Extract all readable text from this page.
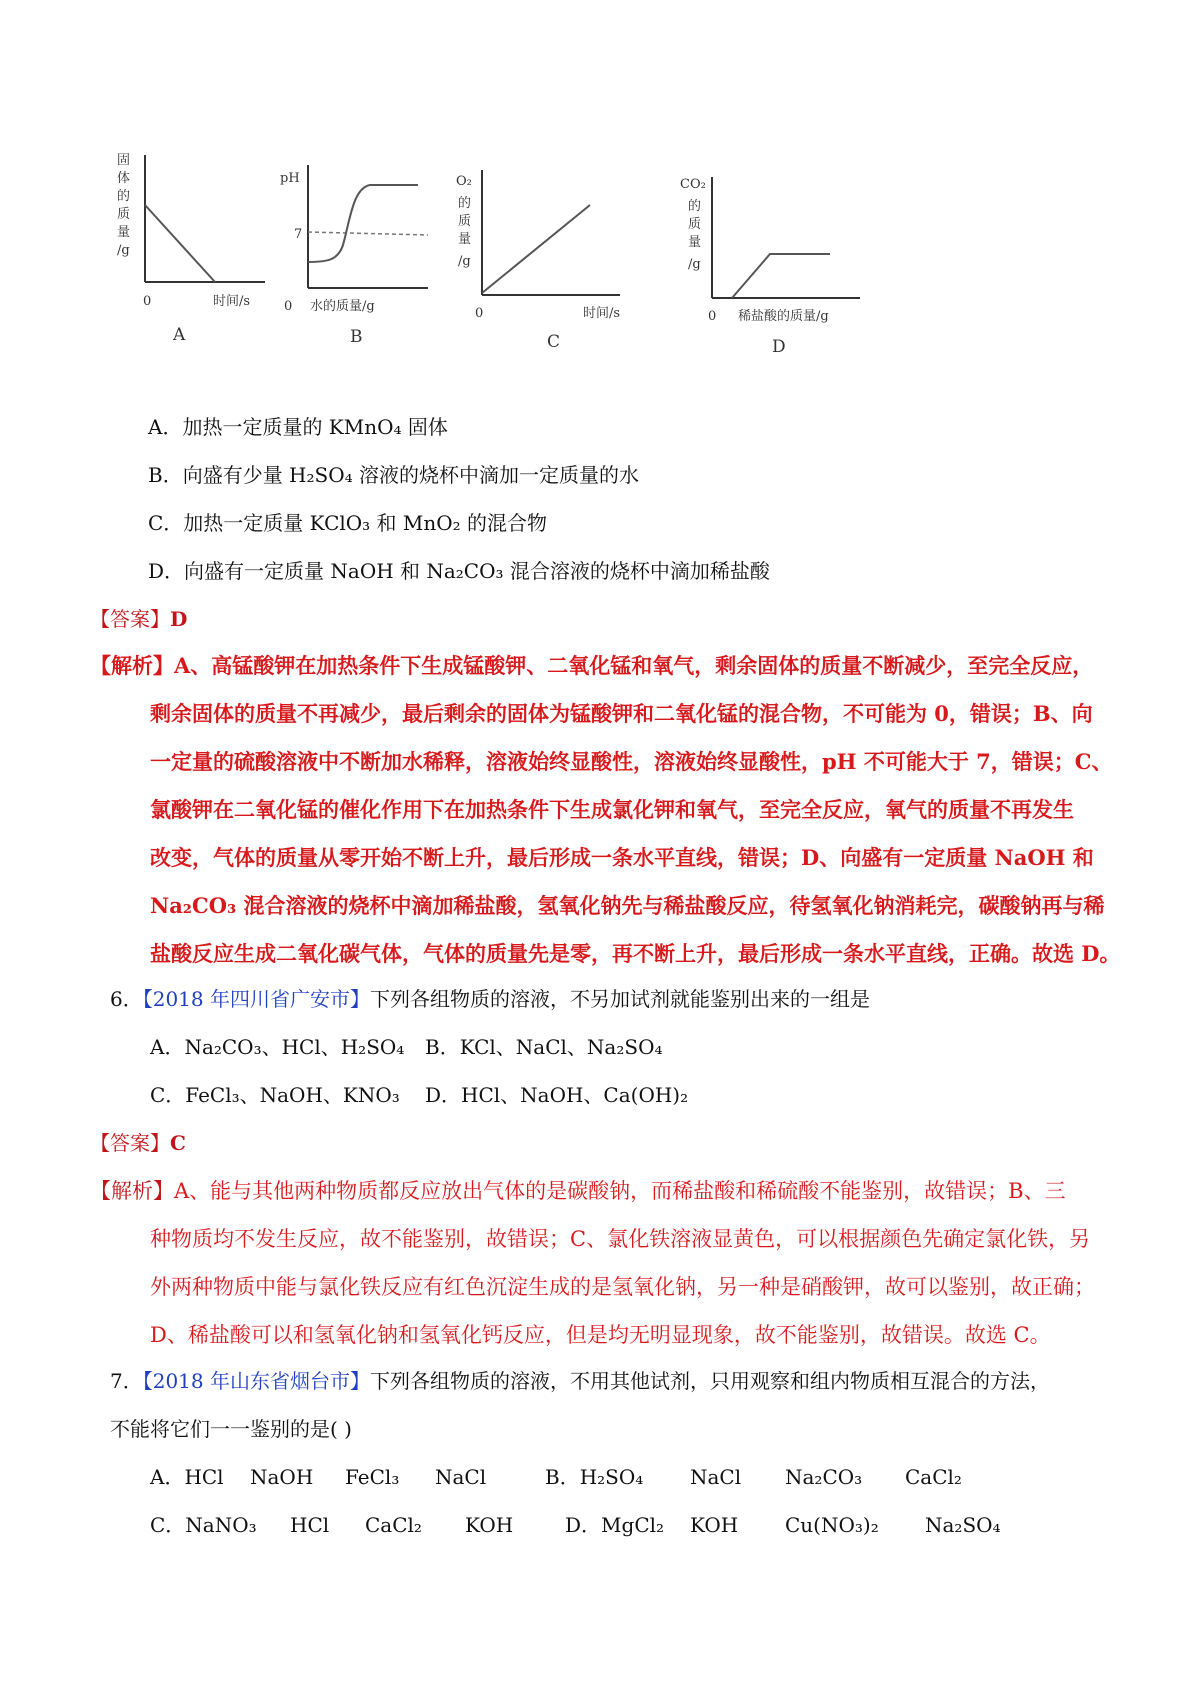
固
体
的
质
量
/g
0	时间/s
A
pH
7
0 水的质量/g
B
O₂
的
质
量
/g
0	时间/s
C
CO₂
的
质
量
/g
0 稀盐酸的质量/g
D
A．加热一定质量的 KMnO₄ 固体
B．向盛有少量 H₂SO₄ 溶液的烧杯中滴加一定质量的水
C．加热一定质量 KClO₃ 和 MnO₂ 的混合物
D．向盛有一定质量 NaOH 和 Na₂CO₃ 混合溶液的烧杯中滴加稀盐酸
【答案】D
【解析】A、高锰酸钾在加热条件下生成锰酸钾、二氧化锰和氧气，剩余固体的质量不断减少，至完全反应，
剩余固体的质量不再减少，最后剩余的固体为锰酸钾和二氧化锰的混合物，不可能为 0，错误；B、向
一定量的硫酸溶液中不断加水稀释，溶液始终显酸性，溶液始终显酸性，pH 不可能大于 7，错误；C、
氯酸钾在二氧化锰的催化作用下在加热条件下生成氯化钾和氧气，至完全反应，氧气的质量不再发生
改变，气体的质量从零开始不断上升，最后形成一条水平直线，错误；D、向盛有一定质量 NaOH 和
Na₂CO₃ 混合溶液的烧杯中滴加稀盐酸，氢氧化钠先与稀盐酸反应，待氢氧化钠消耗完，碳酸钠再与稀
盐酸反应生成二氧化碳气体，气体的质量先是零，再不断上升，最后形成一条水平直线，正确。故选 D。
6．【2018 年四川省广安市】下列各组物质的溶液，不另加试剂就能鉴别出来的一组是
A．Na₂CO₃、HCl、H₂SO₄ B．KCl、NaCl、Na₂SO₄
C．FeCl₃、NaOH、KNO₃ D．HCl、NaOH、Ca(OH)₂
【答案】C
【解析】A、能与其他两种物质都反应放出气体的是碳酸钠，而稀盐酸和稀硫酸不能鉴别，故错误；B、三
种物质均不发生反应，故不能鉴别，故错误；C、氯化铁溶液显黄色，可以根据颜色先确定氯化铁，另
外两种物质中能与氯化铁反应有红色沉淀生成的是氢氧化钠，另一种是硝酸钾，故可以鉴别，故正确；
D、稀盐酸可以和氢氧化钠和氢氧化钙反应，但是均无明显现象，故不能鉴别，故错误。故选 C。
7．【2018 年山东省烟台市】下列各组物质的溶液，不用其他试剂，只用观察和组内物质相互混合的方法，
不能将它们一一鉴别的是( )
A．HCl NaOH FeCl₃ NaCl	B．H₂SO₄ NaCl Na₂CO₃ CaCl₂
C．NaNO₃ HCl CaCl₂ KOH	D．MgCl₂ KOH Cu(NO₃)₂ Na₂SO₄
